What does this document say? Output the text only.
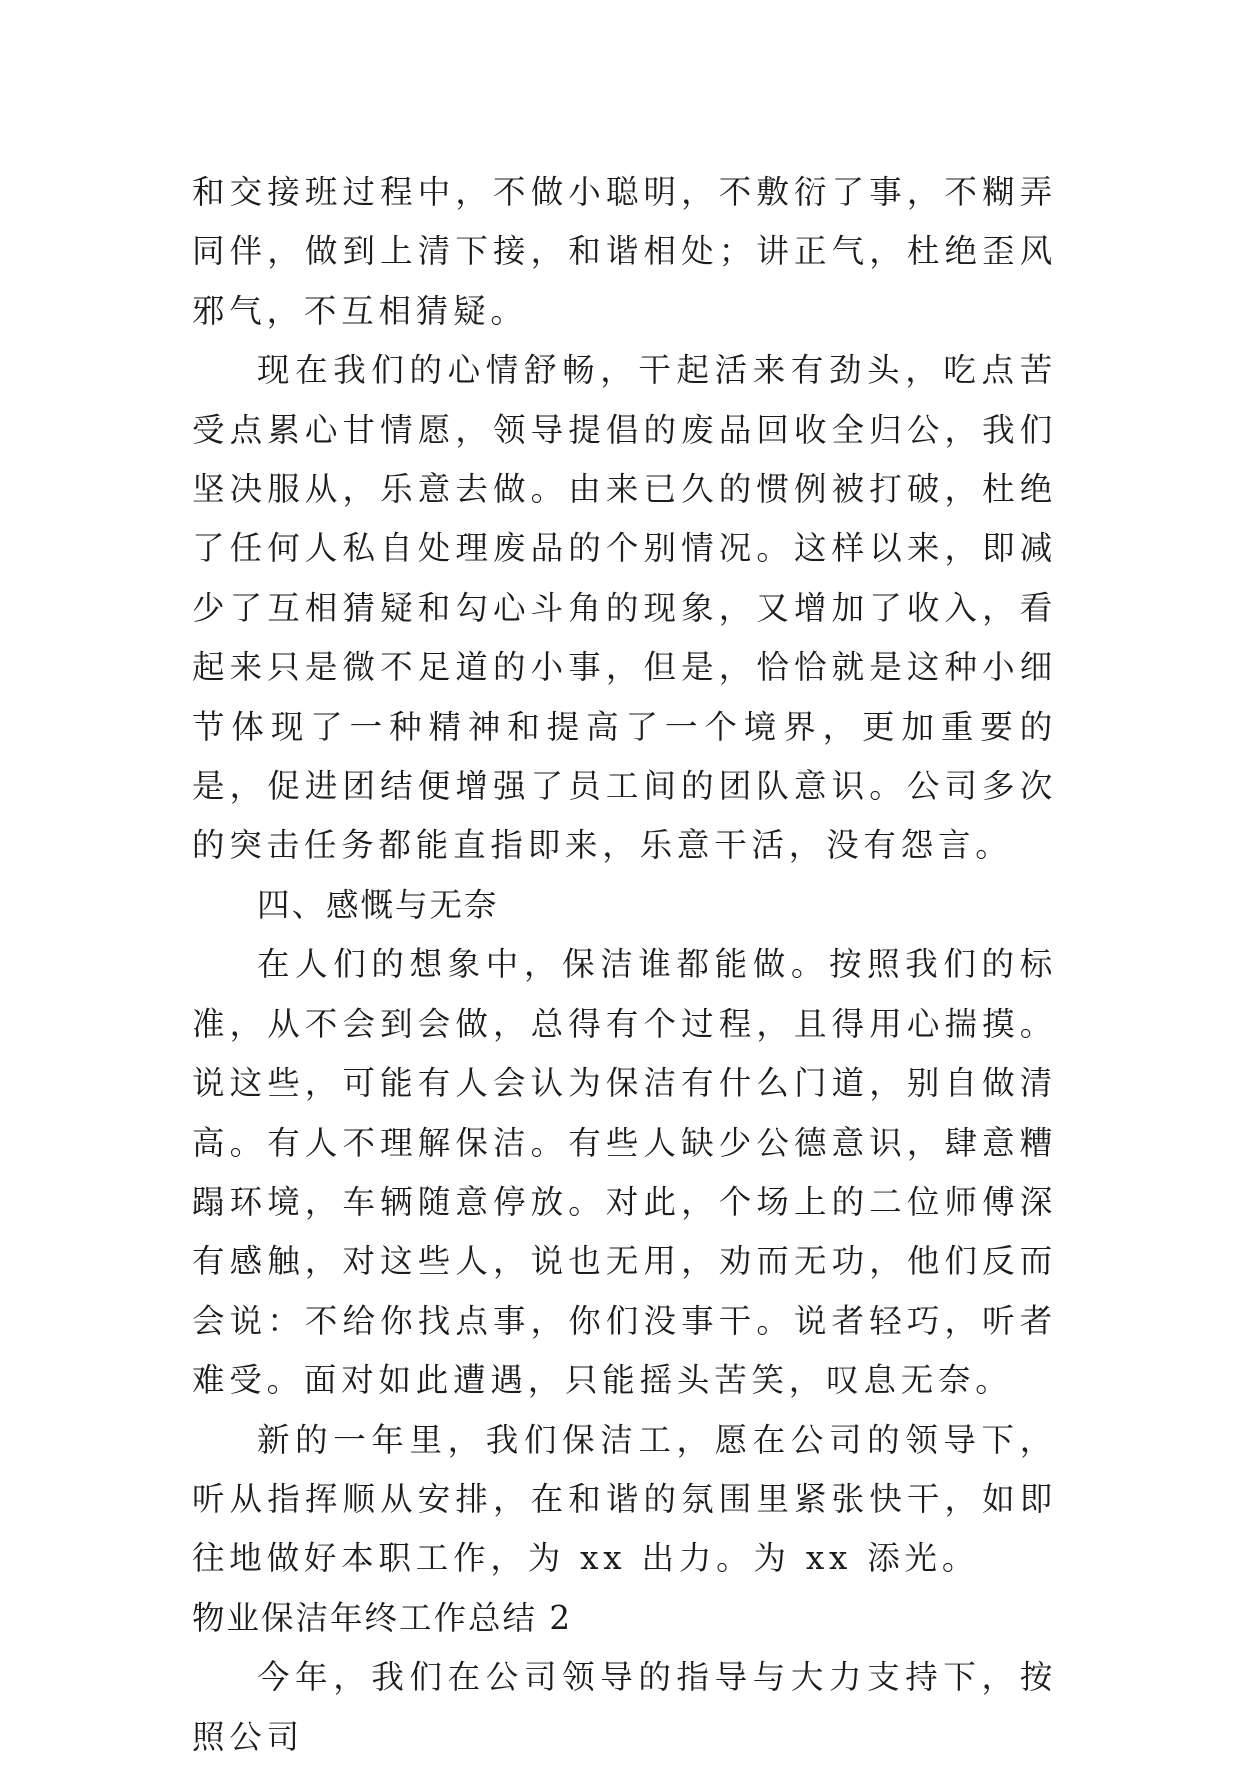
和交接班过程中，不做小聪明，不敷衍了事，不糊弄同伴，做到上清下接，和谐相处；讲正气，杜绝歪风邪气，不互相猜疑。

现在我们的心情舒畅，干起活来有劲头，吃点苦受点累心甘情愿，领导提倡的废品回收全归公，我们坚决服从，乐意去做。由来已久的惯例被打破，杜绝了任何人私自处理废品的个别情况。这样以来，即减少了互相猜疑和勾心斗角的现象，又增加了收入，看起来只是微不足道的小事，但是，恰恰就是这种小细节体现了一种精神和提高了一个境界，更加重要的是，促进团结便增强了员工间的团队意识。公司多次的突击任务都能直指即来，乐意干活，没有怨言。

四、感慨与无奈

在人们的想象中，保洁谁都能做。按照我们的标准，从不会到会做，总得有个过程，且得用心揣摸。说这些，可能有人会认为保洁有什么门道，别自做清高。有人不理解保洁。有些人缺少公德意识，肆意糟蹋环境，车辆随意停放。对此，个场上的二位师傅深有感触，对这些人，说也无用，劝而无功，他们反而会说：不给你找点事，你们没事干。说者轻巧，听者难受。面对如此遭遇，只能摇头苦笑，叹息无奈。

新的一年里，我们保洁工，愿在公司的领导下，听从指挥顺从安排，在和谐的氛围里紧张快干，如即往地做好本职工作，为 xx 出力。为 xx 添光。

物业保洁年终工作总结 2

今年，我们在公司领导的指导与大力支持下，按照公司
